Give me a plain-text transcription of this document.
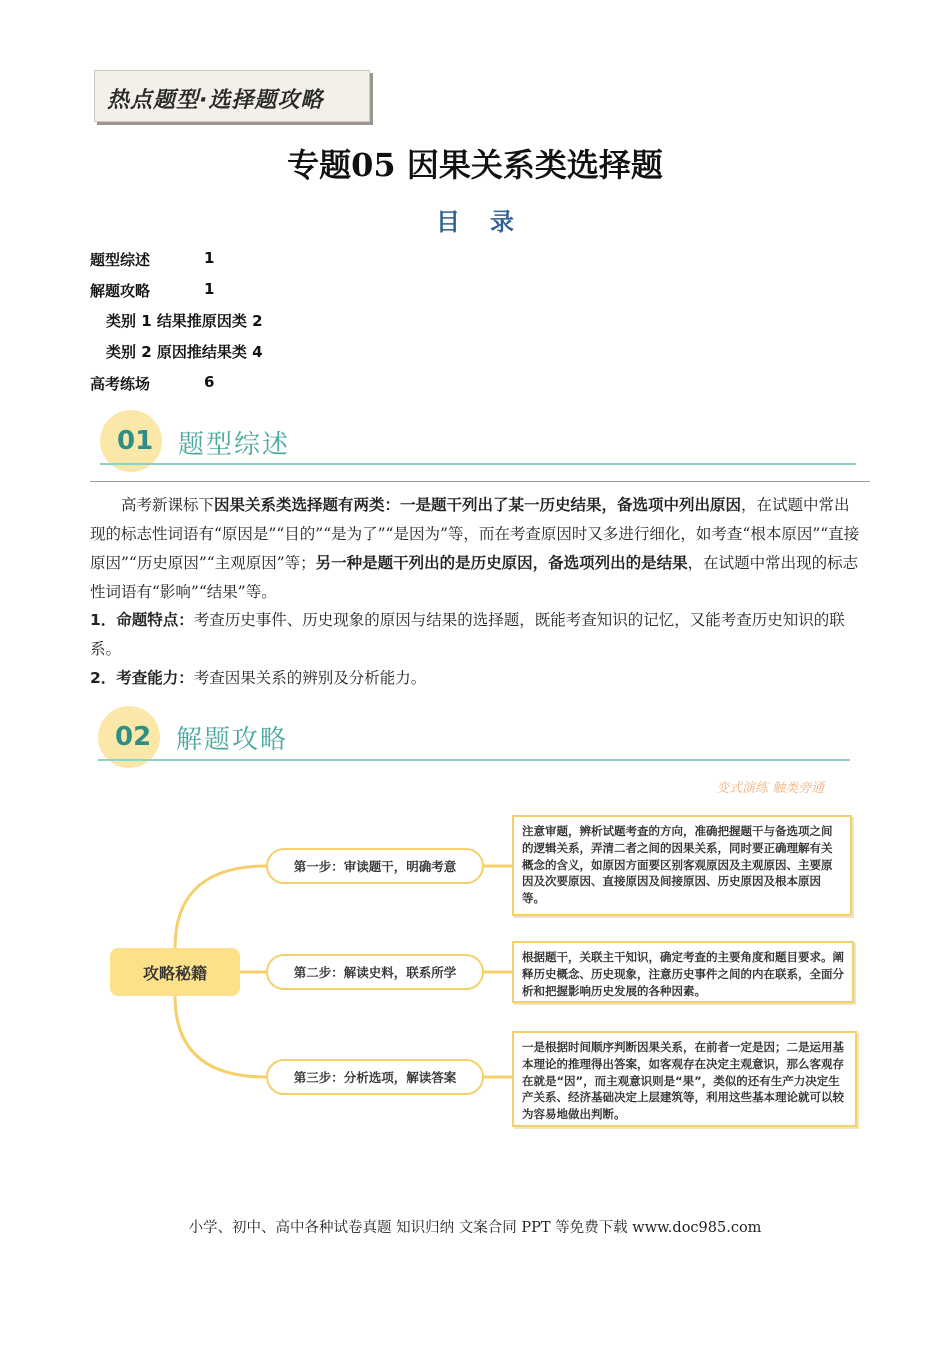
热点题型·选择题攻略
专题05 因果关系类选择题
目录
题型综述	1
解题攻略	1
类别 1 结果推原因类 2
类别 2 原因推结果类 4
高考练场	6
01 题型综述
高考新课标下因果关系类选择题有两类：一是题干列出了某一历史结果，备选项中列出原因，在试题中常出现的标志性词语有“原因是”“目的”“是为了”“是因为”等，而在考查原因时又多进行细化，如考查“根本原因”“直接原因”“历史原因”“主观原因”等；另一种是题干列出的是历史原因，备选项列出的是结果，在试题中常出现的标志性词语有“影响”“结果”等。
1．命题特点：考查历史事件、历史现象的原因与结果的选择题，既能考查知识的记忆，又能考查历史知识的联系。
2．考查能力：考查因果关系的辨别及分析能力。
02 解题攻略
变式演练 触类旁通
攻略秘籍
第一步：审读题干，明确考意
第二步：解读史料，联系所学
第三步：分析选项，解读答案
注意审题，辨析试题考查的方向，准确把握题干与备选项之间的逻辑关系，弄清二者之间的因果关系，同时要正确理解有关概念的含义，如原因方面要区别客观原因及主观原因、主要原因及次要原因、直接原因及间接原因、历史原因及根本原因等。
根据题干，关联主干知识，确定考查的主要角度和题目要求。阐释历史概念、历史现象，注意历史事件之间的内在联系，全面分析和把握影响历史发展的各种因素。
一是根据时间顺序判断因果关系，在前者一定是因；二是运用基本理论的推理得出答案，如客观存在决定主观意识，那么客观存在就是“因”，而主观意识则是“果”，类似的还有生产力决定生产关系、经济基础决定上层建筑等，利用这些基本理论就可以较为容易地做出判断。
小学、初中、高中各种试卷真题 知识归纳 文案合同 PPT 等免费下载 www.doc985.com
